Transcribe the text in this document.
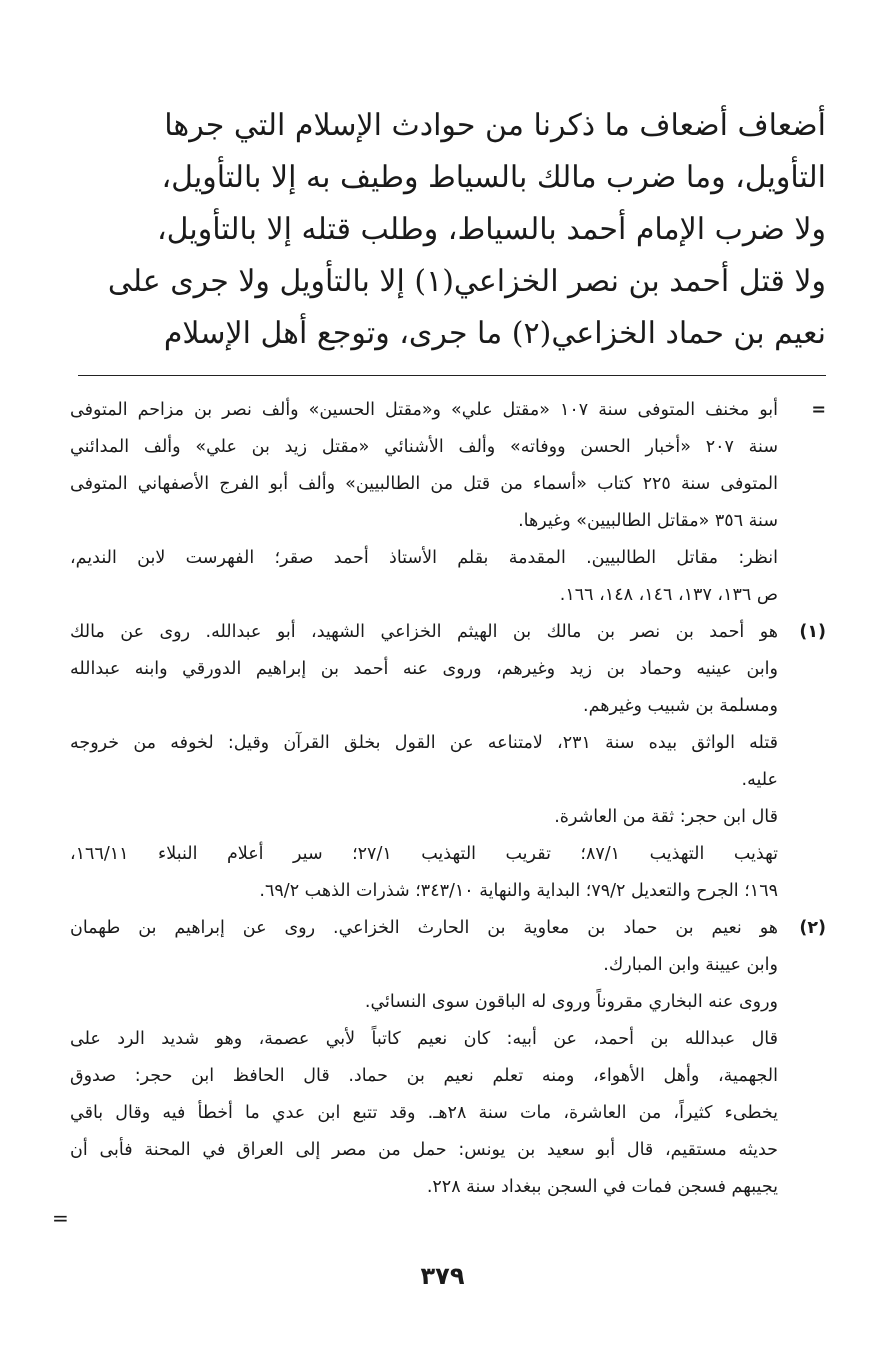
أضعاف أضعاف ما ذكرنا من حوادث الإسلام التي جرها
التأويل، وما ضرب مالك بالسياط وطيف به إلا بالتأويل،
ولا ضرب الإمام أحمد بالسياط، وطلب قتله إلا بالتأويل،
ولا قتل أحمد بن نصر الخزاعي(١) إلا بالتأويل ولا جرى على
نعيم بن حماد الخزاعي(٢) ما جرى، وتوجع أهل الإسلام
=
أبو مخنف المتوفى سنة ١٠٧ «مقتل علي» و«مقتل الحسين» وألف نصر بن مزاحم المتوفى
سنة ٢٠٧ «أخبار الحسن ووفاته» وألف الأشنائي «مقتل زيد بن علي» وألف المدائني
المتوفى سنة ٢٢٥ كتاب «أسماء من قتل من الطالبيين» وألف أبو الفرج الأصفهاني المتوفى
سنة ٣٥٦ «مقاتل الطالبيين» وغيرها.
انظر: مقاتل الطالبيين. المقدمة بقلم الأستاذ أحمد صقر؛ الفهرست لابن النديم،
ص ١٣٦، ١٣٧، ١٤٦، ١٤٨، ١٦٦.
(١)
هو أحمد بن نصر بن مالك بن الهيثم الخزاعي الشهيد، أبو عبدالله. روى عن مالك
وابن عينيه وحماد بن زيد وغيرهم، وروى عنه أحمد بن إبراهيم الدورقي وابنه عبدالله
ومسلمة بن شبيب وغيرهم.
قتله الواثق بيده سنة ٢٣١، لامتناعه عن القول بخلق القرآن وقيل: لخوفه من خروجه
عليه.
قال ابن حجر: ثقة من العاشرة.
تهذيب التهذيب ٨٧/١؛ تقريب التهذيب ٢٧/١؛ سير أعلام النبلاء ١٦٦/١١،
١٦٩؛ الجرح والتعديل ٧٩/٢؛ البداية والنهاية ٣٤٣/١٠؛ شذرات الذهب ٦٩/٢.
(٢)
هو نعيم بن حماد بن معاوية بن الحارث الخزاعي. روى عن إبراهيم بن طهمان
وابن عيينة وابن المبارك.
وروى عنه البخاري مقروناً وروى له الباقون سوى النسائي.
قال عبدالله بن أحمد، عن أبيه: كان نعيم كاتباً لأبي عصمة، وهو شديد الرد على
الجهمية، وأهل الأهواء، ومنه تعلم نعيم بن حماد. قال الحافظ ابن حجر: صدوق
يخطىء كثيراً، من العاشرة، مات سنة ٢٨هـ. وقد تتبع ابن عدي ما أخطأ فيه وقال باقي
حديثه مستقيم، قال أبو سعيد بن يونس: حمل من مصر إلى العراق في المحنة فأبى أن
يجيبهم فسجن فمات في السجن ببغداد سنة ٢٢٨.
=
٣٧٩
